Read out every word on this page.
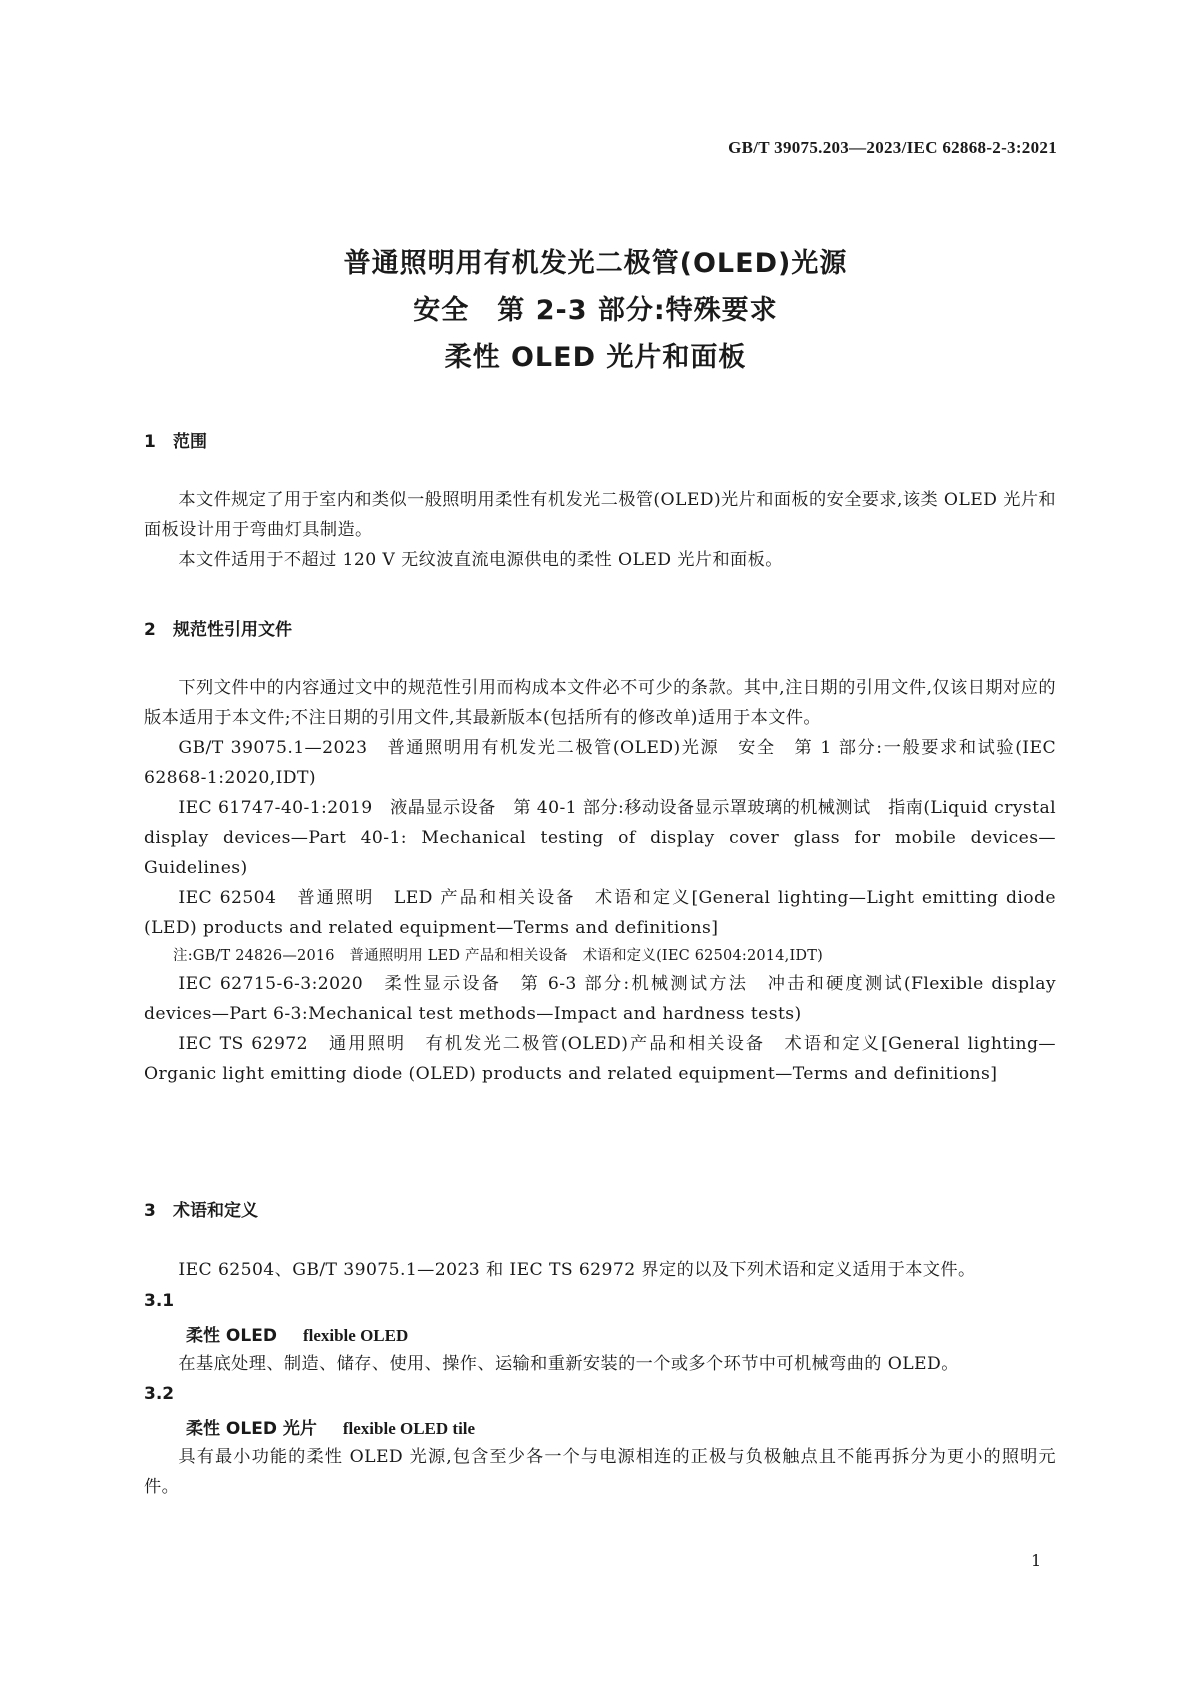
GB/T 39075.203—2023/IEC 62868-2-3:2021
普通照明用有机发光二极管(OLED)光源
安全　第 2-3 部分:特殊要求
柔性 OLED 光片和面板
1 范围

本文件规定了用于室内和类似一般照明用柔性有机发光二极管(OLED)光片和面板的安全要求,该类 OLED 光片和面板设计用于弯曲灯具制造。

本文件适用于不超过 120 V 无纹波直流电源供电的柔性 OLED 光片和面板。

2 规范性引用文件

下列文件中的内容通过文中的规范性引用而构成本文件必不可少的条款。其中,注日期的引用文件,仅该日期对应的版本适用于本文件;不注日期的引用文件,其最新版本(包括所有的修改单)适用于本文件。

GB/T 39075.1—2023　普通照明用有机发光二极管(OLED)光源　安全　第 1 部分:一般要求和试验(IEC 62868-1:2020,IDT)

IEC 61747-40-1:2019　液晶显示设备　第 40-1 部分:移动设备显示罩玻璃的机械测试　指南(Liquid crystal display devices—Part 40-1: Mechanical testing of display cover glass for mobile devices—Guidelines)

IEC 62504　普通照明　LED 产品和相关设备　术语和定义[General lighting—Light emitting diode (LED) products and related equipment—Terms and definitions]

注:GB/T 24826—2016　普通照明用 LED 产品和相关设备　术语和定义(IEC 62504:2014,IDT)

IEC 62715-6-3:2020　柔性显示设备　第 6-3 部分:机械测试方法　冲击和硬度测试(Flexible display devices—Part 6-3:Mechanical test methods—Impact and hardness tests)

IEC TS 62972　通用照明　有机发光二极管(OLED)产品和相关设备　术语和定义[General lighting—Organic light emitting diode (OLED) products and related equipment—Terms and definitions]

3 术语和定义

IEC 62504、GB/T 39075.1—2023 和 IEC TS 62972 界定的以及下列术语和定义适用于本文件。

3.1
柔性 OLED flexible OLED

在基底处理、制造、储存、使用、操作、运输和重新安装的一个或多个环节中可机械弯曲的 OLED。

3.2
柔性 OLED 光片 flexible OLED tile

具有最小功能的柔性 OLED 光源,包含至少各一个与电源相连的正极与负极触点且不能再拆分为更小的照明元件。

1
